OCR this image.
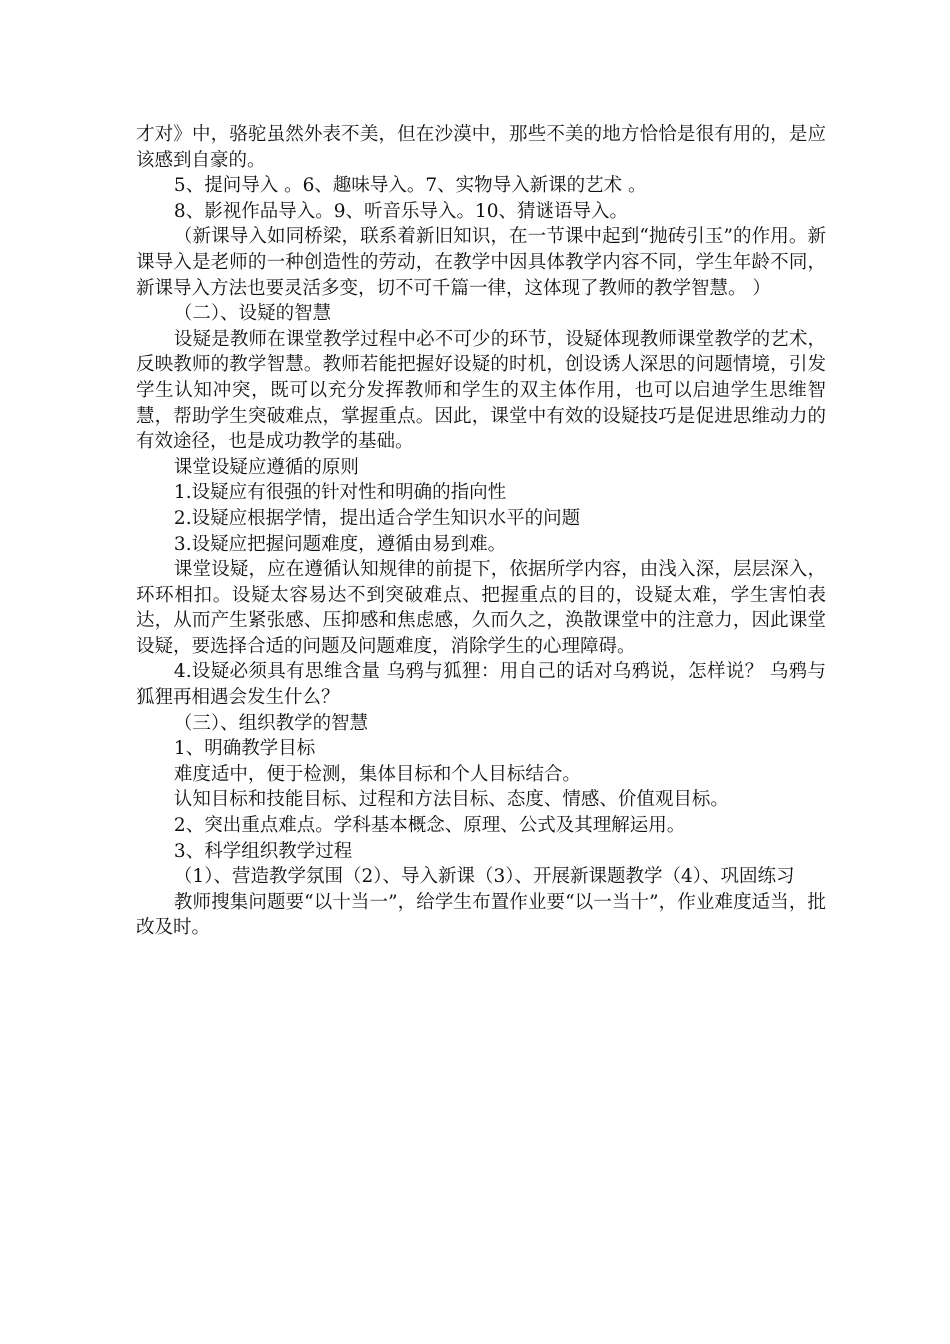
才对》中，骆驼虽然外表不美，但在沙漠中，那些不美的地方恰恰是很有用的，是应该感到自豪的。

5、提问导入 。6、趣味导入。7、实物导入新课的艺术 。

8、影视作品导入。9、听音乐导入。10、猜谜语导入。

（新课导入如同桥梁，联系着新旧知识，在一节课中起到“抛砖引玉”的作用。新课导入是老师的一种创造性的劳动，在教学中因具体教学内容不同，学生年龄不同，新课导入方法也要灵活多变，切不可千篇一律，这体现了教师的教学智慧。 ）

（二）、设疑的智慧

设疑是教师在课堂教学过程中必不可少的环节，设疑体现教师课堂教学的艺术，反映教师的教学智慧。教师若能把握好设疑的时机，创设诱人深思的问题情境，引发学生认知冲突，既可以充分发挥教师和学生的双主体作用，也可以启迪学生思维智慧，帮助学生突破难点，掌握重点。因此，课堂中有效的设疑技巧是促进思维动力的有效途径，也是成功教学的基础。

课堂设疑应遵循的原则

1.设疑应有很强的针对性和明确的指向性

2.设疑应根据学情，提出适合学生知识水平的问题

3.设疑应把握问题难度，遵循由易到难。

课堂设疑，应在遵循认知规律的前提下，依据所学内容，由浅入深，层层深入，环环相扣。设疑太容易达不到突破难点、把握重点的目的，设疑太难，学生害怕表达，从而产生紧张感、压抑感和焦虑感，久而久之，涣散课堂中的注意力，因此课堂设疑，要选择合适的问题及问题难度，消除学生的心理障碍。

4.设疑必须具有思维含量 乌鸦与狐狸：用自己的话对乌鸦说，怎样说？ 乌鸦与狐狸再相遇会发生什么？

（三）、组织教学的智慧

1、明确教学目标

难度适中，便于检测，集体目标和个人目标结合。

认知目标和技能目标、过程和方法目标、态度、情感、价值观目标。

2、突出重点难点。学科基本概念、原理、公式及其理解运用。

3、科学组织教学过程

（1）、营造教学氛围（2）、导入新课（3）、开展新课题教学（4）、巩固练习

教师搜集问题要“以十当一”，给学生布置作业要“以一当十”，作业难度适当，批改及时。
